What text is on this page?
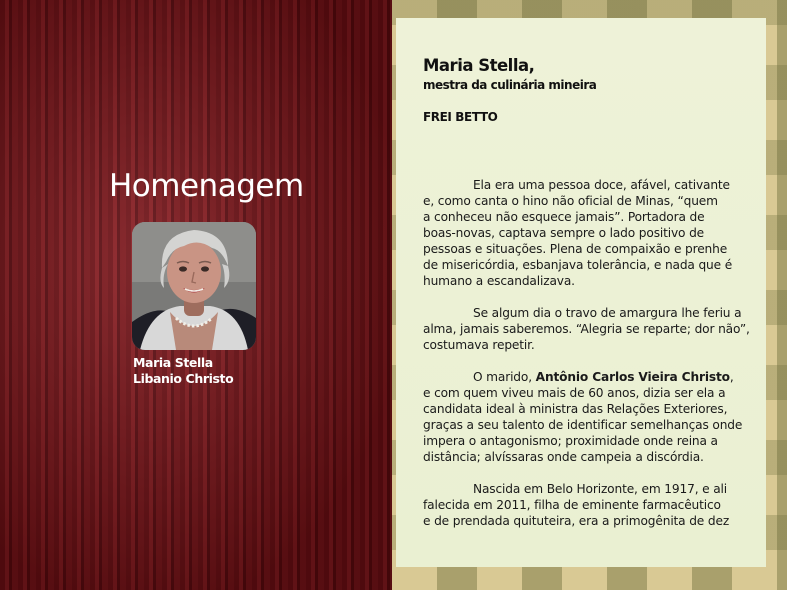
Homenagem
Maria Stella
Libanio Christo
Maria Stella,
mestra da culinária mineira
FREI BETTO
Ela era uma pessoa doce, afável, cativante
e, como canta o hino não oficial de Minas, “quem
a conheceu não esquece jamais”. Portadora de
boas-novas, captava sempre o lado positivo de
pessoas e situações. Plena de compaixão e prenhe
de misericórdia, esbanjava tolerância, e nada que é
humano a escandalizava.
Se algum dia o travo de amargura lhe feriu a
alma, jamais saberemos. “Alegria se reparte; dor não”,
costumava repetir.
O marido, Antônio Carlos Vieira Christo,
e com quem viveu mais de 60 anos, dizia ser ela a
candidata ideal à ministra das Relações Exteriores,
graças a seu talento de identificar semelhanças onde
impera o antagonismo; proximidade onde reina a
distância; alvíssaras onde campeia a discórdia.
Nascida em Belo Horizonte, em 1917, e ali
falecida em 2011, filha de eminente farmacêutico
e de prendada quituteira, era a primogênita de dez
